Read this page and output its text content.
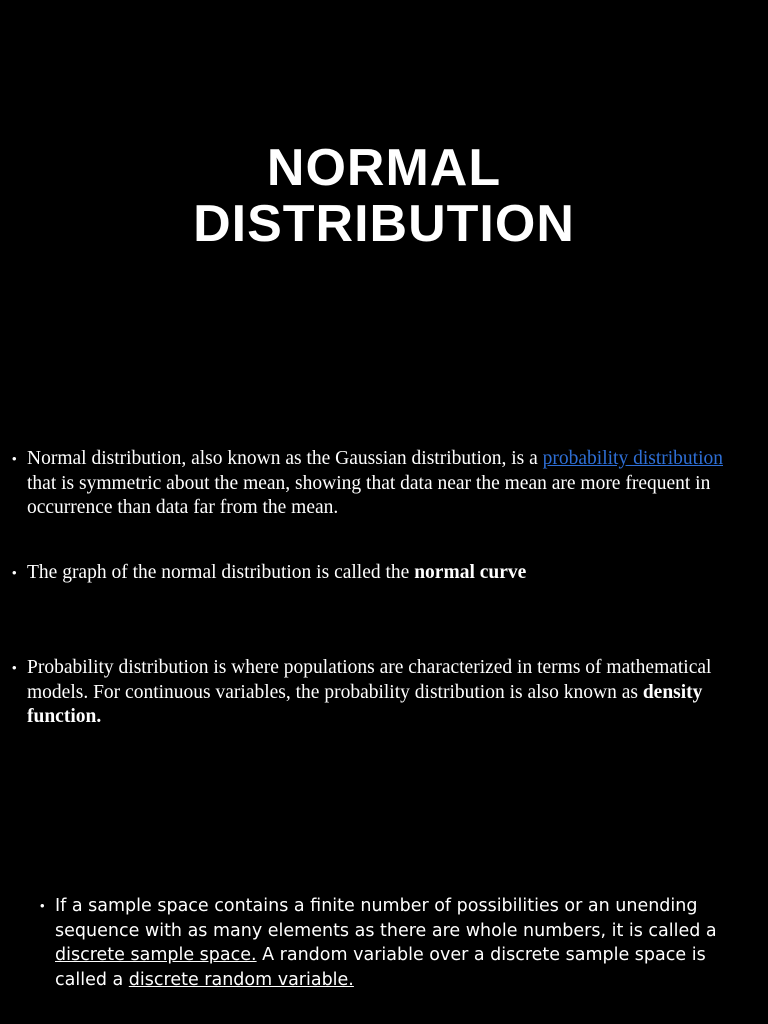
NORMAL
DISTRIBUTION
• Normal distribution, also known as the Gaussian distribution, is a probability distribution that is symmetric about the mean, showing that data near the mean are more frequent in occurrence than data far from the mean.
• The graph of the normal distribution is called the normal curve
• Probability distribution is where populations are characterized in terms of mathematical models. For continuous variables, the probability distribution is also known as density function.
• If a sample space contains a finite number of possibilities or an unending sequence with as many elements as there are whole numbers, it is called a discrete sample space. A random variable over a discrete sample space is called a discrete random variable.
